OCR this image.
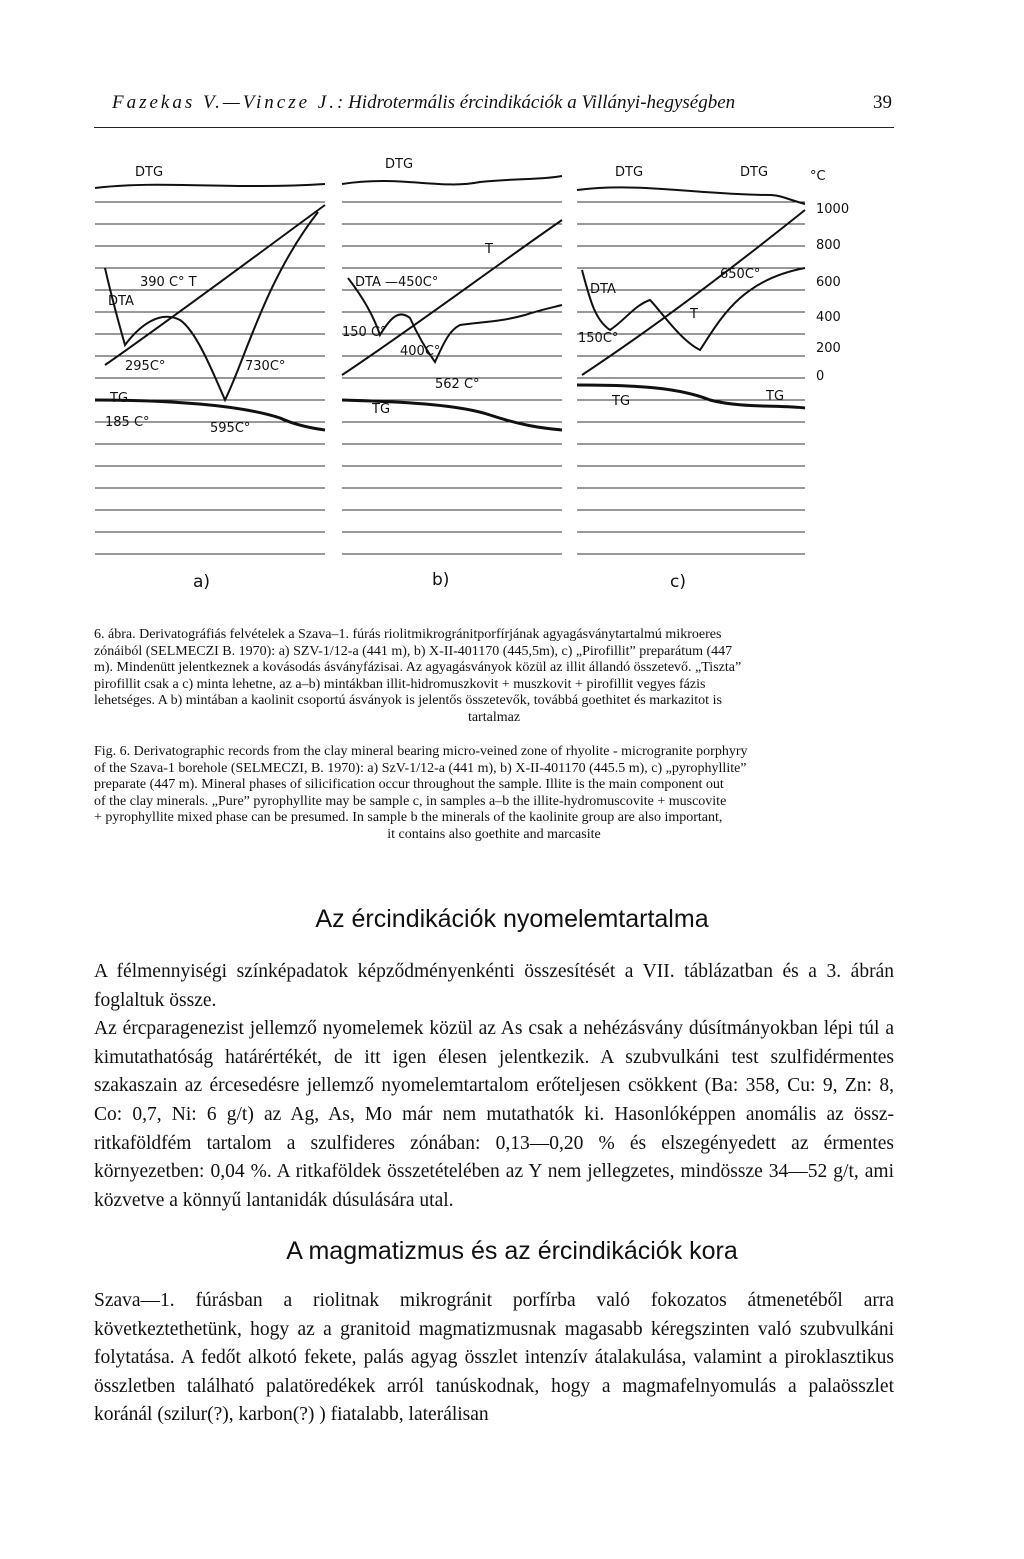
Fazekas V.—Vincze J.: Hidrotermális ércindikációk a Villányi-hegységben	39
DTG
DTG
DTG	DTG	°C
1000
800
600
400
200
0
390 C° T
DTA
295C°	730C°
TG
185 C°	595C°
DTA —450C°
T
150 C°
400C°
562 C°
TG
DTA
650C°
T
150C°
TG	TG
a)	b)	c)
6. ábra. Derivatográfiás felvételek a Szava–1. fúrás riolitmikrogránitporfírjának agyagásványtartalmú mikroeres
zónáiból (SELMECZI B. 1970): a) SZV-1/12-a (441 m), b) X-II-401170 (445,5m), c) „Pirofillit” preparátum (447
m). Mindenütt jelentkeznek a kovásodás ásványfázisai. Az agyagásványok közül az illit állandó összetevő. „Tiszta”
pirofillit csak a c) minta lehetne, az a–b) mintákban illit-hidromuszkovit + muszkovit + pirofillit vegyes fázis
lehetséges. A b) mintában a kaolinit csoportú ásványok is jelentős összetevők, továbbá goethitet és markazitot is
tartalmaz
Fig. 6. Derivatographic records from the clay mineral bearing micro-veined zone of rhyolite - microgranite porphyry
of the Szava-1 borehole (SELMECZI, B. 1970): a) SzV-1/12-a (441 m), b) X-II-401170 (445.5 m), c) „pyrophyllite”
preparate (447 m). Mineral phases of silicification occur throughout the sample. Illite is the main component out
of the clay minerals. „Pure” pyrophyllite may be sample c, in samples a–b the illite-hydromuscovite + muscovite
+ pyrophyllite mixed phase can be presumed. In sample b the minerals of the kaolinite group are also important,
it contains also goethite and marcasite
Az ércindikációk nyomelemtartalma

A félmennyiségi színképadatok képződményenkénti összesítését a VII. táblázatban és a 3. ábrán foglaltuk össze.

Az ércparagenezist jellemző nyomelemek közül az As csak a nehézásvány dúsítmányokban lépi túl a kimutathatóság határértékét, de itt igen élesen jelentkezik. A szubvulkáni test szulfidérmentes szakaszain az ércesedésre jellemző nyomelemtartalom erőteljesen csökkent (Ba: 358, Cu: 9, Zn: 8, Co: 0,7, Ni: 6 g/t) az Ag, As, Mo már nem mutathatók ki. Hasonlóképpen anomális az össz-ritkaföldfém tartalom a szulfideres zónában: 0,13—0,20 % és elszegényedett az érmentes környezetben: 0,04 %. A ritkaföldek összetételében az Y nem jellegzetes, mindössze 34—52 g/t, ami közvetve a könnyű lantanidák dúsulására utal.

A magmatizmus és az ércindikációk kora

Szava—1. fúrásban a riolitnak mikrogránit porfírba való fokozatos átmenetéből arra következtethetünk, hogy az a granitoid magmatizmusnak magasabb kéregszinten való szubvulkáni folytatása. A fedőt alkotó fekete, palás agyag összlet intenzív átalakulása, valamint a piroklasztikus összletben található palatöredékek arról tanúskodnak, hogy a magmafelnyomulás a palaösszlet koránál (szilur(?), karbon(?) ) fiatalabb, laterálisan
